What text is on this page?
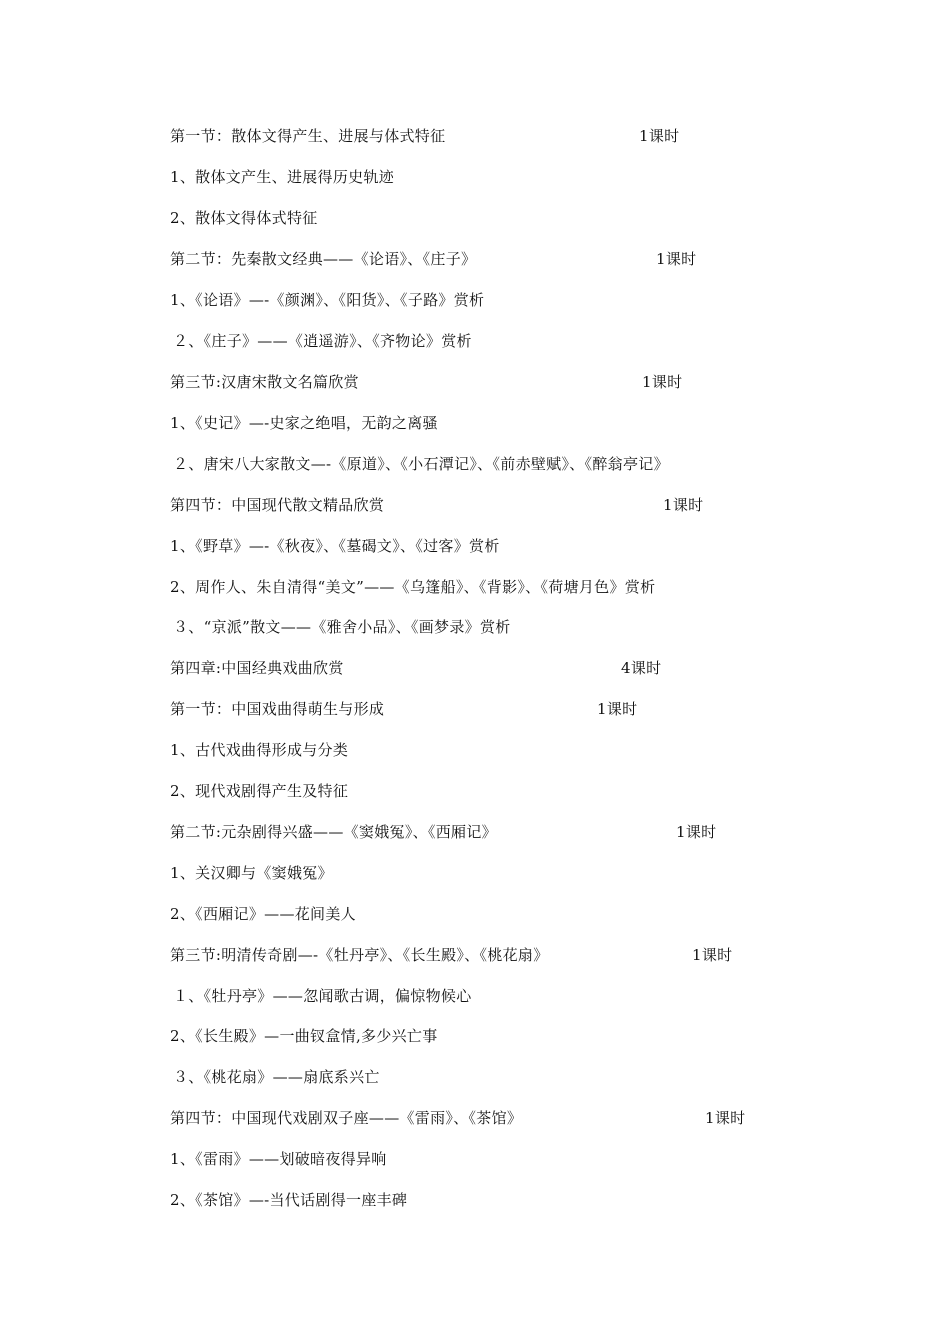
第一节：散体文得产生、进展与体式特征	1课时
1、散体文产生、进展得历史轨迹
2、散体文得体式特征
第二节：先秦散文经典——《论语》、《庄子》	1课时
1、《论语》—-《颜渊》、《阳货》、《子路》赏析
２、《庄子》——《逍遥游》、《齐物论》赏析
第三节:汉唐宋散文名篇欣赏	1课时
1、《史记》—-史家之绝唱，无韵之离骚
２、唐宋八大家散文—-《原道》、《小石潭记》、《前赤壁赋》、《醉翁亭记》
第四节：中国现代散文精品欣赏	1课时
1、《野草》—-《秋夜》、《墓碣文》、《过客》赏析
2、周作人、朱自清得“美文”——《乌篷船》、《背影》、《荷塘月色》赏析
３、“京派”散文——《雅舍小品》、《画梦录》赏析
第四章:中国经典戏曲欣赏	4课时
第一节：中国戏曲得萌生与形成	1课时
1、古代戏曲得形成与分类
2、现代戏剧得产生及特征
第二节:元杂剧得兴盛——《窦娥冤》、《西厢记》	1课时
1、关汉卿与《窦娥冤》
2、《西厢记》——花间美人
第三节:明清传奇剧—-《牡丹亭》、《长生殿》、《桃花扇》	1课时
１、《牡丹亭》——忽闻歌古调，偏惊物候心
2、《长生殿》—一曲钗盒情,多少兴亡事
３、《桃花扇》——扇底系兴亡
第四节：中国现代戏剧双子座——《雷雨》、《茶馆》	1课时
1、《雷雨》——划破暗夜得异响
2、《茶馆》—-当代话剧得一座丰碑
